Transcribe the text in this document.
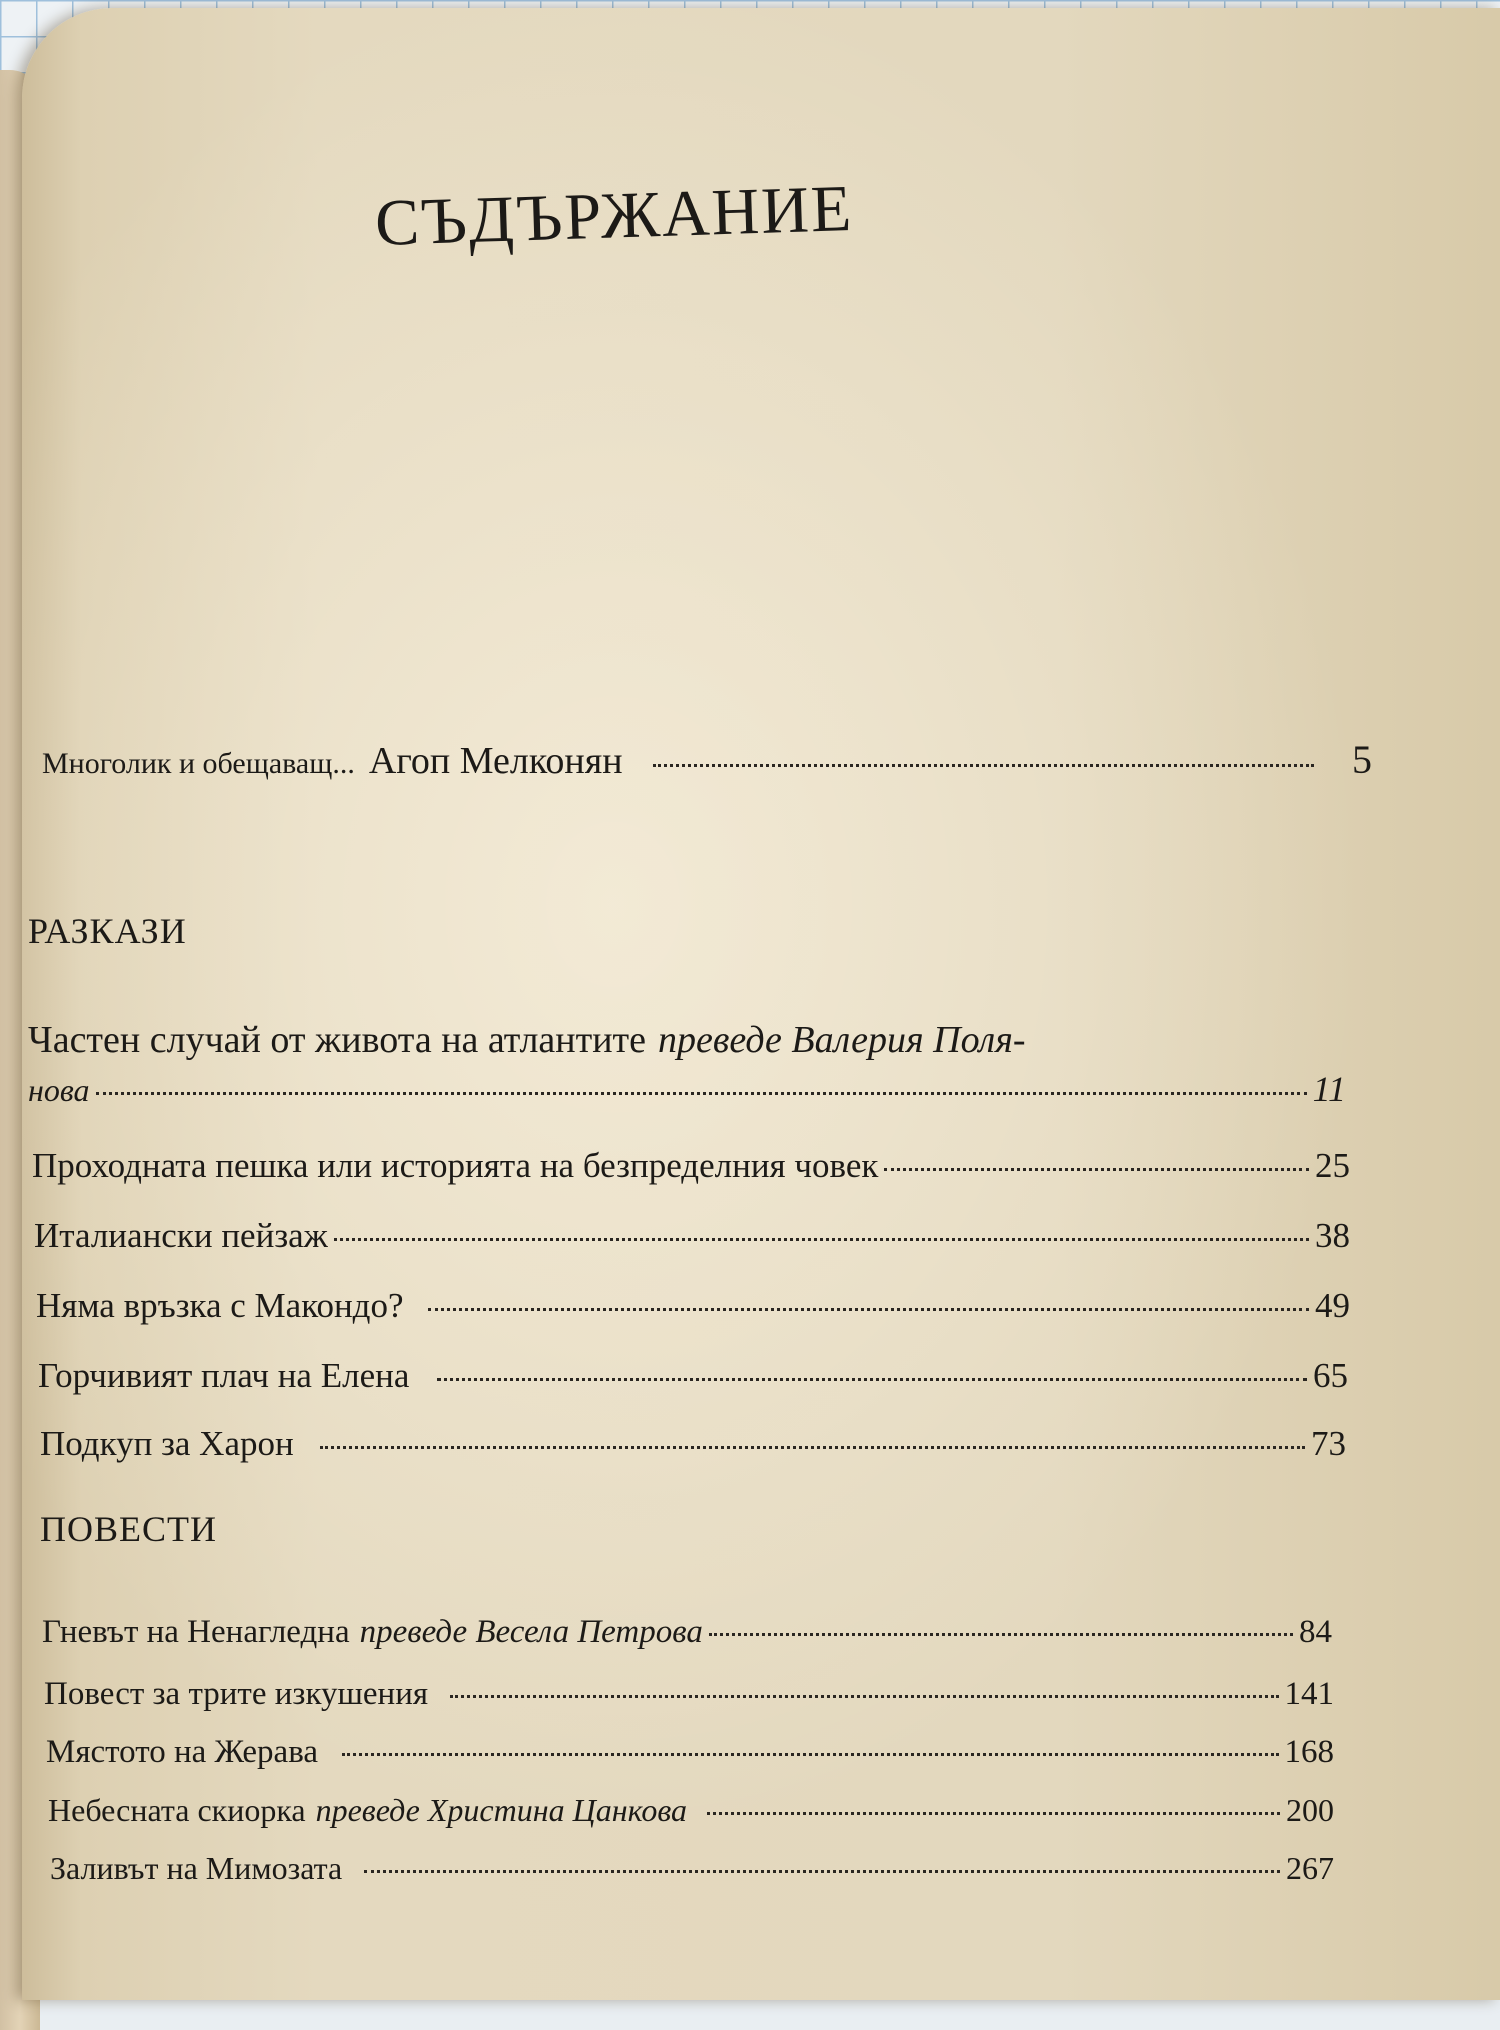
СЪДЪРЖАНИЕ
Многолик и обещаващ... Агоп Мелконян	5
РАЗКАЗИ
Частен случай от живота на атлантите преведе Валерия Поля-
нова	11
Проходната пешка или историята на безпределния човек	25
Италиански пейзаж	38
Няма връзка с Макондо?	49
Горчивият плач на Елена	65
Подкуп за Харон	73
ПОВЕСТИ
Гневът на Ненагледна преведе Весела Петрова	84
Повест за трите изкушения	141
Мястото на Жерава	168
Небесната скиорка преведе Христина Цанкова	200
Заливът на Мимозата	267
